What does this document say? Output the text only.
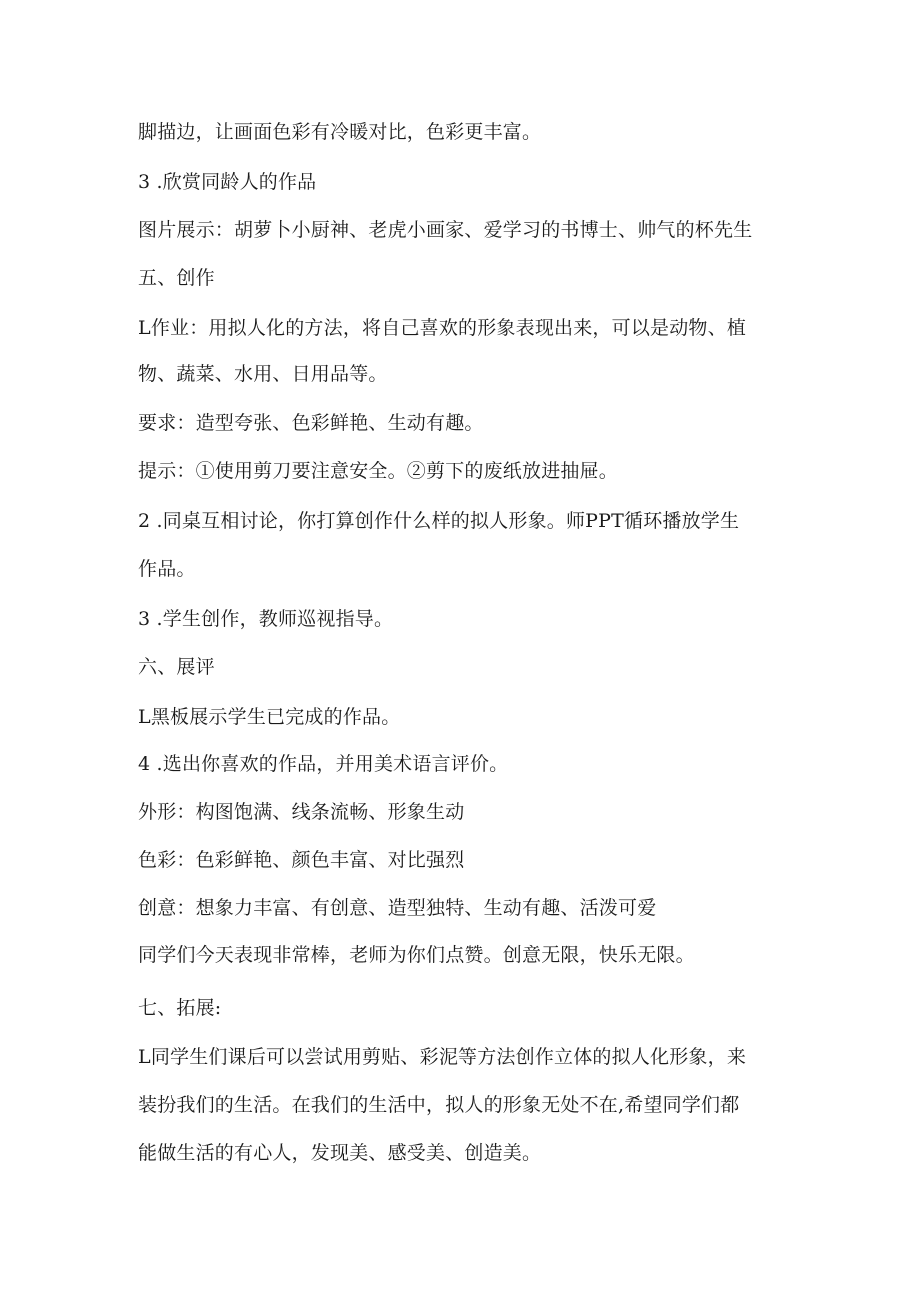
脚描边，让画面色彩有冷暖对比，色彩更丰富。
3 .欣赏同龄人的作品
图片展示：胡萝卜小厨神、老虎小画家、爱学习的书博士、帅气的杯先生
五、创作
L作业：用拟人化的方法，将自己喜欢的形象表现出来，可以是动物、植
物、蔬菜、水用、日用品等。
要求：造型夸张、色彩鲜艳、生动有趣。
提示：①使用剪刀要注意安全。②剪下的废纸放进抽屉。
2 .同桌互相讨论，你打算创作什么样的拟人形象。师PPT循环播放学生
作品。
3 .学生创作，教师巡视指导。
六、展评
L黑板展示学生已完成的作品。
4 .选出你喜欢的作品，并用美术语言评价。
外形：构图饱满、线条流畅、形象生动
色彩：色彩鲜艳、颜色丰富、对比强烈
创意：想象力丰富、有创意、造型独特、生动有趣、活泼可爱
同学们今天表现非常棒，老师为你们点赞。创意无限，快乐无限。
七、拓展:
L同学生们课后可以尝试用剪贴、彩泥等方法创作立体的拟人化形象，来
装扮我们的生活。在我们的生活中，拟人的形象无处不在,希望同学们都
能做生活的有心人，发现美、感受美、创造美。
